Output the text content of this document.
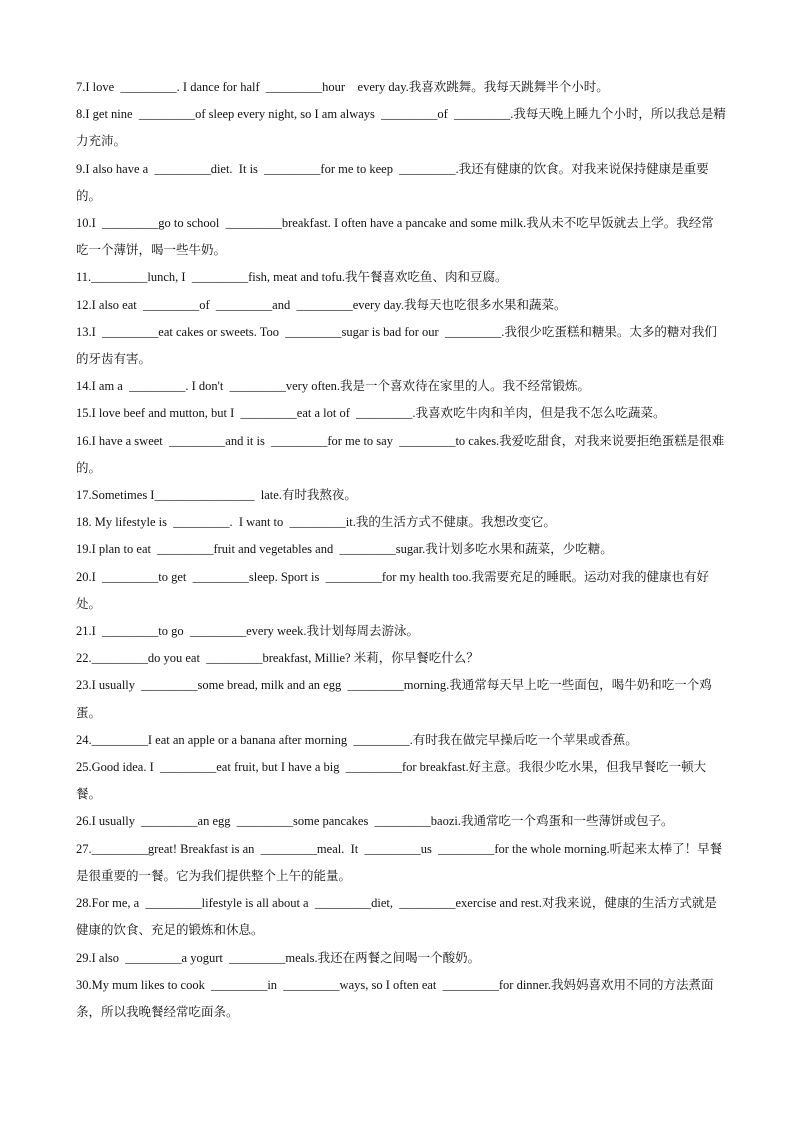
7.I love  _________. I dance for half  _________hour    every day.我喜欢跳舞。我每天跳舞半个小时。
8.I get nine  _________of sleep every night, so I am always  _________of  _________.我每天晚上睡九个小时，所以我总是精力充沛。
9.I also have a  _________diet.  It is  _________for me to keep  _________.我还有健康的饮食。对我来说保持健康是重要的。
10.I  _________go to school  _________breakfast. I often have a pancake and some milk.我从未不吃早饭就去上学。我经常吃一个薄饼，喝一些牛奶。
11._________lunch, I  _________fish, meat and tofu.我午餐喜欢吃鱼、肉和豆腐。
12.I also eat  _________of  _________and  _________every day.我每天也吃很多水果和蔬菜。
13.I  _________eat cakes or sweets. Too  _________sugar is bad for our  _________.我很少吃蛋糕和糖果。太多的糖对我们的牙齿有害。
14.I am a  _________. I don't  _________very often.我是一个喜欢待在家里的人。我不经常锻炼。
15.I love beef and mutton, but I  _________eat a lot of  _________.我喜欢吃牛肉和羊肉，但是我不怎么吃蔬菜。
16.I have a sweet  _________and it is  _________for me to say  _________to cakes.我爱吃甜食，对我来说要拒绝蛋糕是很难的。
17.Sometimes I________________  late.有时我熬夜。
18. My lifestyle is  _________.  I want to  _________it.我的生活方式不健康。我想改变它。
19.I plan to eat  _________fruit and vegetables and  _________sugar.我计划多吃水果和蔬菜，少吃糖。
20.I  _________to get  _________sleep. Sport is  _________for my health too.我需要充足的睡眠。运动对我的健康也有好处。
21.I  _________to go  _________every week.我计划每周去游泳。
22._________do you eat  _________breakfast, Millie? 米莉，你早餐吃什么？
23.I usually  _________some bread, milk and an egg  _________morning.我通常每天早上吃一些面包，喝牛奶和吃一个鸡蛋。
24._________I eat an apple or a banana after morning  _________.有时我在做完早操后吃一个苹果或香蕉。
25.Good idea. I  _________eat fruit, but I have a big  _________for breakfast.好主意。我很少吃水果，但我早餐吃一顿大餐。
26.I usually  _________an egg  _________some pancakes  _________baozi.我通常吃一个鸡蛋和一些薄饼或包子。
27._________great! Breakfast is an  _________meal.  It  _________us  _________for the whole morning.听起来太棒了！早餐是很重要的一餐。它为我们提供整个上午的能量。
28.For me, a  _________lifestyle is all about a  _________diet,  _________exercise and rest.对我来说，健康的生活方式就是健康的饮食、充足的锻炼和休息。
29.I also  _________a yogurt  _________meals.我还在两餐之间喝一个酸奶。
30.My mum likes to cook  _________in  _________ways, so I often eat  _________for dinner.我妈妈喜欢用不同的方法煮面条，所以我晚餐经常吃面条。
